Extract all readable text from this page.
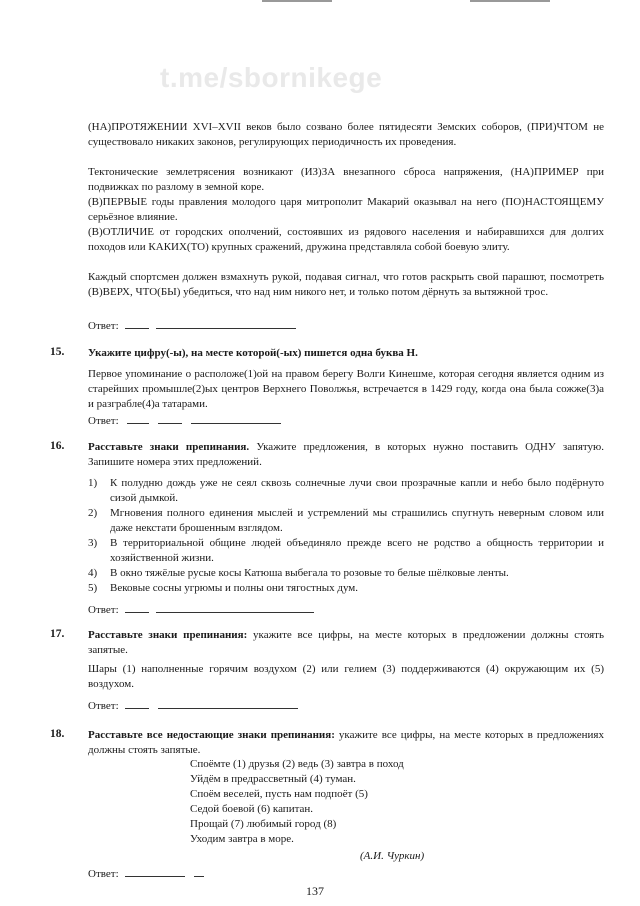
t.me/sbornikege
(НА)ПРОТЯЖЕНИИ XVI–XVII веков было созвано более пятидесяти Земских соборов, (ПРИ)ЧТОМ не существовало никаких законов, регулирующих периодичность их проведения.
Тектонические землетрясения возникают (ИЗ)ЗА внезапного сброса напряжения, (НА)ПРИМЕР при подвижках по разлому в земной коре.
(В)ПЕРВЫЕ годы правления молодого царя митрополит Макарий оказывал на него (ПО)НАСТОЯЩЕМУ серьёзное влияние.
(В)ОТЛИЧИЕ от городских ополчений, состоявших из рядового населения и набиравшихся для долгих походов или КАКИХ(ТО) крупных сражений, дружина представляла собой боевую элиту.
Каждый спортсмен должен взмахнуть рукой, подавая сигнал, что готов раскрыть свой парашют, посмотреть (В)ВЕРХ, ЧТО(БЫ) убедиться, что над ним никого нет, и только потом дёрнуть за вытяжной трос.
Ответ:
15. Укажите цифру(-ы), на месте которой(-ых) пишется одна буква Н.
Первое упоминание о расположе(1)ой на правом берегу Волги Кинешме, которая сегодня является одним из старейших промышле(2)ых центров Верхнего Поволжья, встречается в 1429 году, когда она была сожже(3)а и разграбле(4)а татарами.
Ответ:
16. Расставьте знаки препинания. Укажите предложения, в которых нужно поставить ОДНУ запятую. Запишите номера этих предложений.
1)	К полудню дождь уже не сеял сквозь солнечные лучи свои прозрачные капли и небо было подёрнуто сизой дымкой.
2)	Мгновения полного единения мыслей и устремлений мы страшились спугнуть неверным словом или даже некстати брошенным взглядом.
3)	В территориальной общине людей объединяло прежде всего не родство а общность территории и хозяйственной жизни.
4)	В окно тяжёлые русые косы Катюша выбегала то розовые то белые шёлковые ленты.
5)	Вековые сосны угрюмы и полны они тягостных дум.
Ответ:
17. Расставьте знаки препинания: укажите все цифры, на месте которых в предложении должны стоять запятые.
Шары (1) наполненные горячим воздухом (2) или гелием (3) поддерживаются (4) окружающим их (5) воздухом.
Ответ:
18. Расставьте все недостающие знаки препинания: укажите все цифры, на месте которых в предложениях должны стоять запятые.
Споёмте (1) друзья (2) ведь (3) завтра в поход
Уйдём в предрассветный (4) туман.
Споём веселей, пусть нам подпоёт (5)
Седой боевой (6) капитан.
Прощай (7) любимый город (8)
Уходим завтра в море.
(А.И. Чуркин)
Ответ:
137
